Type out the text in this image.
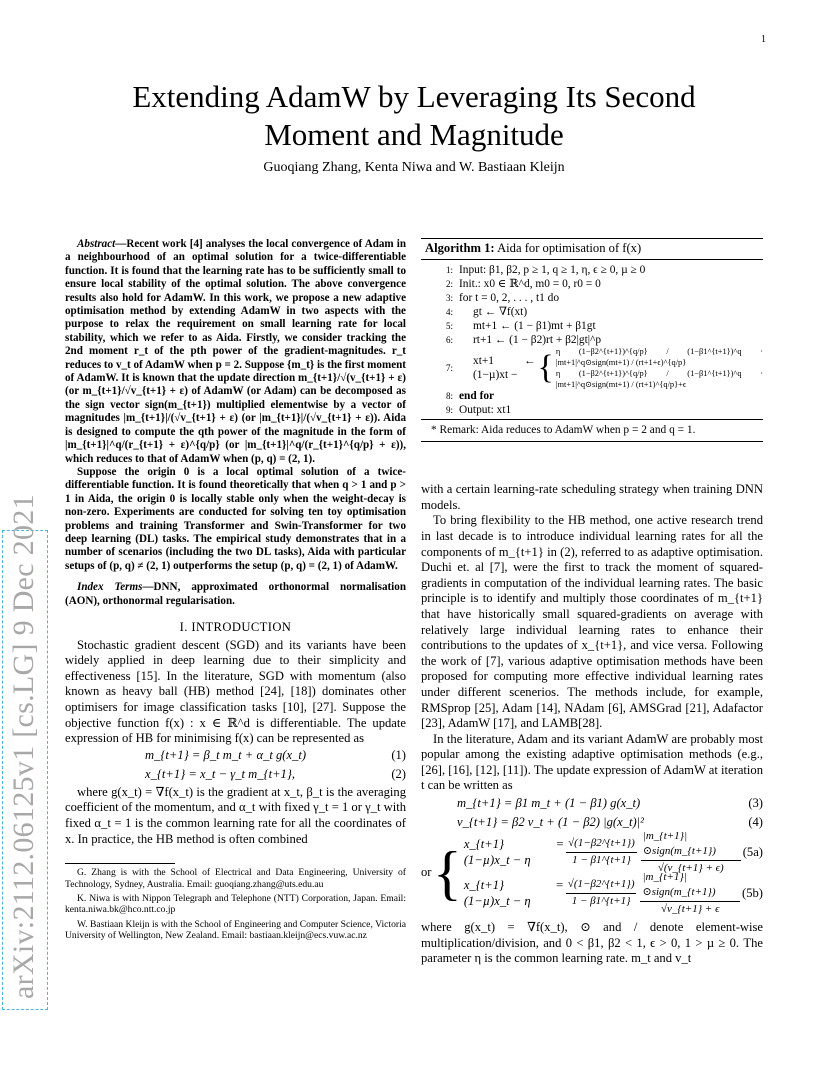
1
arXiv:2112.06125v1 [cs.LG] 9 Dec 2021
Extending AdamW by Leveraging Its Second
Moment and Magnitude
Guoqiang Zhang, Kenta Niwa and W. Bastiaan Kleijn

Abstract—Recent work [4] analyses the local convergence of Adam in a neighbourhood of an optimal solution for a twice-differentiable function. It is found that the learning rate has to be sufficiently small to ensure local stability of the optimal solution. The above convergence results also hold for AdamW. In this work, we propose a new adaptive optimisation method by extending AdamW in two aspects with the purpose to relax the requirement on small learning rate for local stability, which we refer to as Aida. Firstly, we consider tracking the 2nd moment r_t of the pth power of the gradient-magnitudes. r_t reduces to v_t of AdamW when p = 2. Suppose {m_t} is the first moment of AdamW. It is known that the update direction m_{t+1}/√(v_{t+1} + ε) (or m_{t+1}/√v_{t+1} + ε) of AdamW (or Adam) can be decomposed as the sign vector sign(m_{t+1}) multiplied elementwise by a vector of magnitudes |m_{t+1}|/(√v_{t+1} + ε) (or |m_{t+1}|/(√v_{t+1} + ε)). Aida is designed to compute the qth power of the magnitude in the form of |m_{t+1}|^q/(r_{t+1} + ε)^{q/p} (or |m_{t+1}|^q/(r_{t+1}^{q/p} + ε)), which reduces to that of AdamW when (p, q) = (2, 1).

Suppose the origin 0 is a local optimal solution of a twice-differentiable function. It is found theoretically that when q > 1 and p > 1 in Aida, the origin 0 is locally stable only when the weight-decay is non-zero. Experiments are conducted for solving ten toy optimisation problems and training Transformer and Swin-Transformer for two deep learning (DL) tasks. The empirical study demonstrates that in a number of scenarios (including the two DL tasks), Aida with particular setups of (p, q) ≠ (2, 1) outperforms the setup (p, q) = (2, 1) of AdamW.

Index Terms—DNN, approximated orthonormal normalisation (AON), orthonormal regularisation.
I. INTRODUCTION

Stochastic gradient descent (SGD) and its variants have been widely applied in deep learning due to their simplicity and effectiveness [15]. In the literature, SGD with momentum (also known as heavy ball (HB) method [24], [18]) dominates other optimisers for image classification tasks [10], [27]. Suppose the objective function f(x) : x ∈ ℝ^d is differentiable. The update expression of HB for minimising f(x) can be represented as

m_{t+1} = β_t m_t + α_t g(x_t)	(1)
x_{t+1} = x_t − γ_t m_{t+1},	(2)

where g(x_t) = ∇f(x_t) is the gradient at x_t, β_t is the averaging coefficient of the momentum, and α_t with fixed γ_t = 1 or γ_t with fixed α_t = 1 is the common learning rate for all the coordinates of x. In practice, the HB method is often combined

G. Zhang is with the School of Electrical and Data Engineering, University of Technology, Sydney, Australia. Email: guoqiang.zhang@uts.edu.au

K. Niwa is with Nippon Telegraph and Telephone (NTT) Corporation, Japan. Email: kenta.niwa.bk@hco.ntt.co.jp

W. Bastiaan Kleijn is with the School of Engineering and Computer Science, Victoria University of Wellington, New Zealand. Email: bastiaan.kleijn@ecs.vuw.ac.nz

Algorithm 1: Aida for optimisation of f(x)
1: Input: β1, β2, p ≥ 1, q ≥ 1, η, ϵ ≥ 0, µ ≥ 0
2: Init.: x0 ∈ ℝ^d, m0 = 0, r0 = 0
3: for t = 0, 2, . . . , t1 do
4:	gt ← ∇f(xt)
5:	mt+1 ← (1 − β1)mt + β1gt
6:	rt+1 ← (1 − β2)rt + β2|gt|^p
7:
xt+1 ← (1−µ)xt − { η (1−β2^{t+1})^{q/p} / (1−β1^{t+1})^q · |mt+1|^q⊙sign(mt+1) / (rt+1+ϵ)^{q/p}
η (1−β2^{t+1})^{q/p} / (1−β1^{t+1})^q · |mt+1|^q⊙sign(mt+1) / (rt+1)^{q/p}+ϵ
8: end for
9: Output: xt1
* Remark: Aida reduces to AdamW when p = 2 and q = 1.

with a certain learning-rate scheduling strategy when training DNN models.

To bring flexibility to the HB method, one active research trend in last decade is to introduce individual learning rates for all the components of m_{t+1} in (2), referred to as adaptive optimisation. Duchi et. al [7], were the first to track the moment of squared-gradients in computation of the individual learning rates. The basic principle is to identify and multiply those coordinates of m_{t+1} that have historically small squared-gradients on average with relatively large individual learning rates to enhance their contributions to the updates of x_{t+1}, and vice versa. Following the work of [7], various adaptive optimisation methods have been proposed for computing more effective individual learning rates under different scenerios. The methods include, for example, RMSprop [25], Adam [14], NAdam [6], AMSGrad [21], Adafactor [23], AdamW [17], and LAMB[28].

In the literature, Adam and its variant AdamW are probably most popular among the existing adaptive optimisation methods (e.g., [26], [16], [12], [11]). The update expression of AdamW at iteration t can be written as

m_{t+1} = β1 m_t + (1 − β1) g(x_t)	(3)
v_{t+1} = β2 v_t + (1 − β2) |g(x_t)|²	(4)
or { x_{t+1} = (1−µ)x_t − η	$\frac{√(1-\beta 2\^{}\{t+1\})}{1 - \beta 1\^{}\{t+1\}} \frac{\text{|m\_\{t+1\}|⊙sign(m\_\{t+1\})}}{√(v\_\{t+1\} + \epsilon)} (5a)$
x_{t+1} = (1−µ)x_t − η	$\frac{√(1-\beta 2\^{}\{t+1\})}{1 - \beta 1\^{}\{t+1\}} \frac{\text{|m\_\{t+1\}|⊙sign(m\_\{t+1\})}}{√v\_\{t+1\} + \epsilon} (5b)$

where g(x_t) = ∇f(x_t), ⊙ and / denote element-wise multiplication/division, and 0 < β1, β2 < 1, ϵ > 0, 1 > µ ≥ 0. The parameter η is the common learning rate. m_t and v_t
